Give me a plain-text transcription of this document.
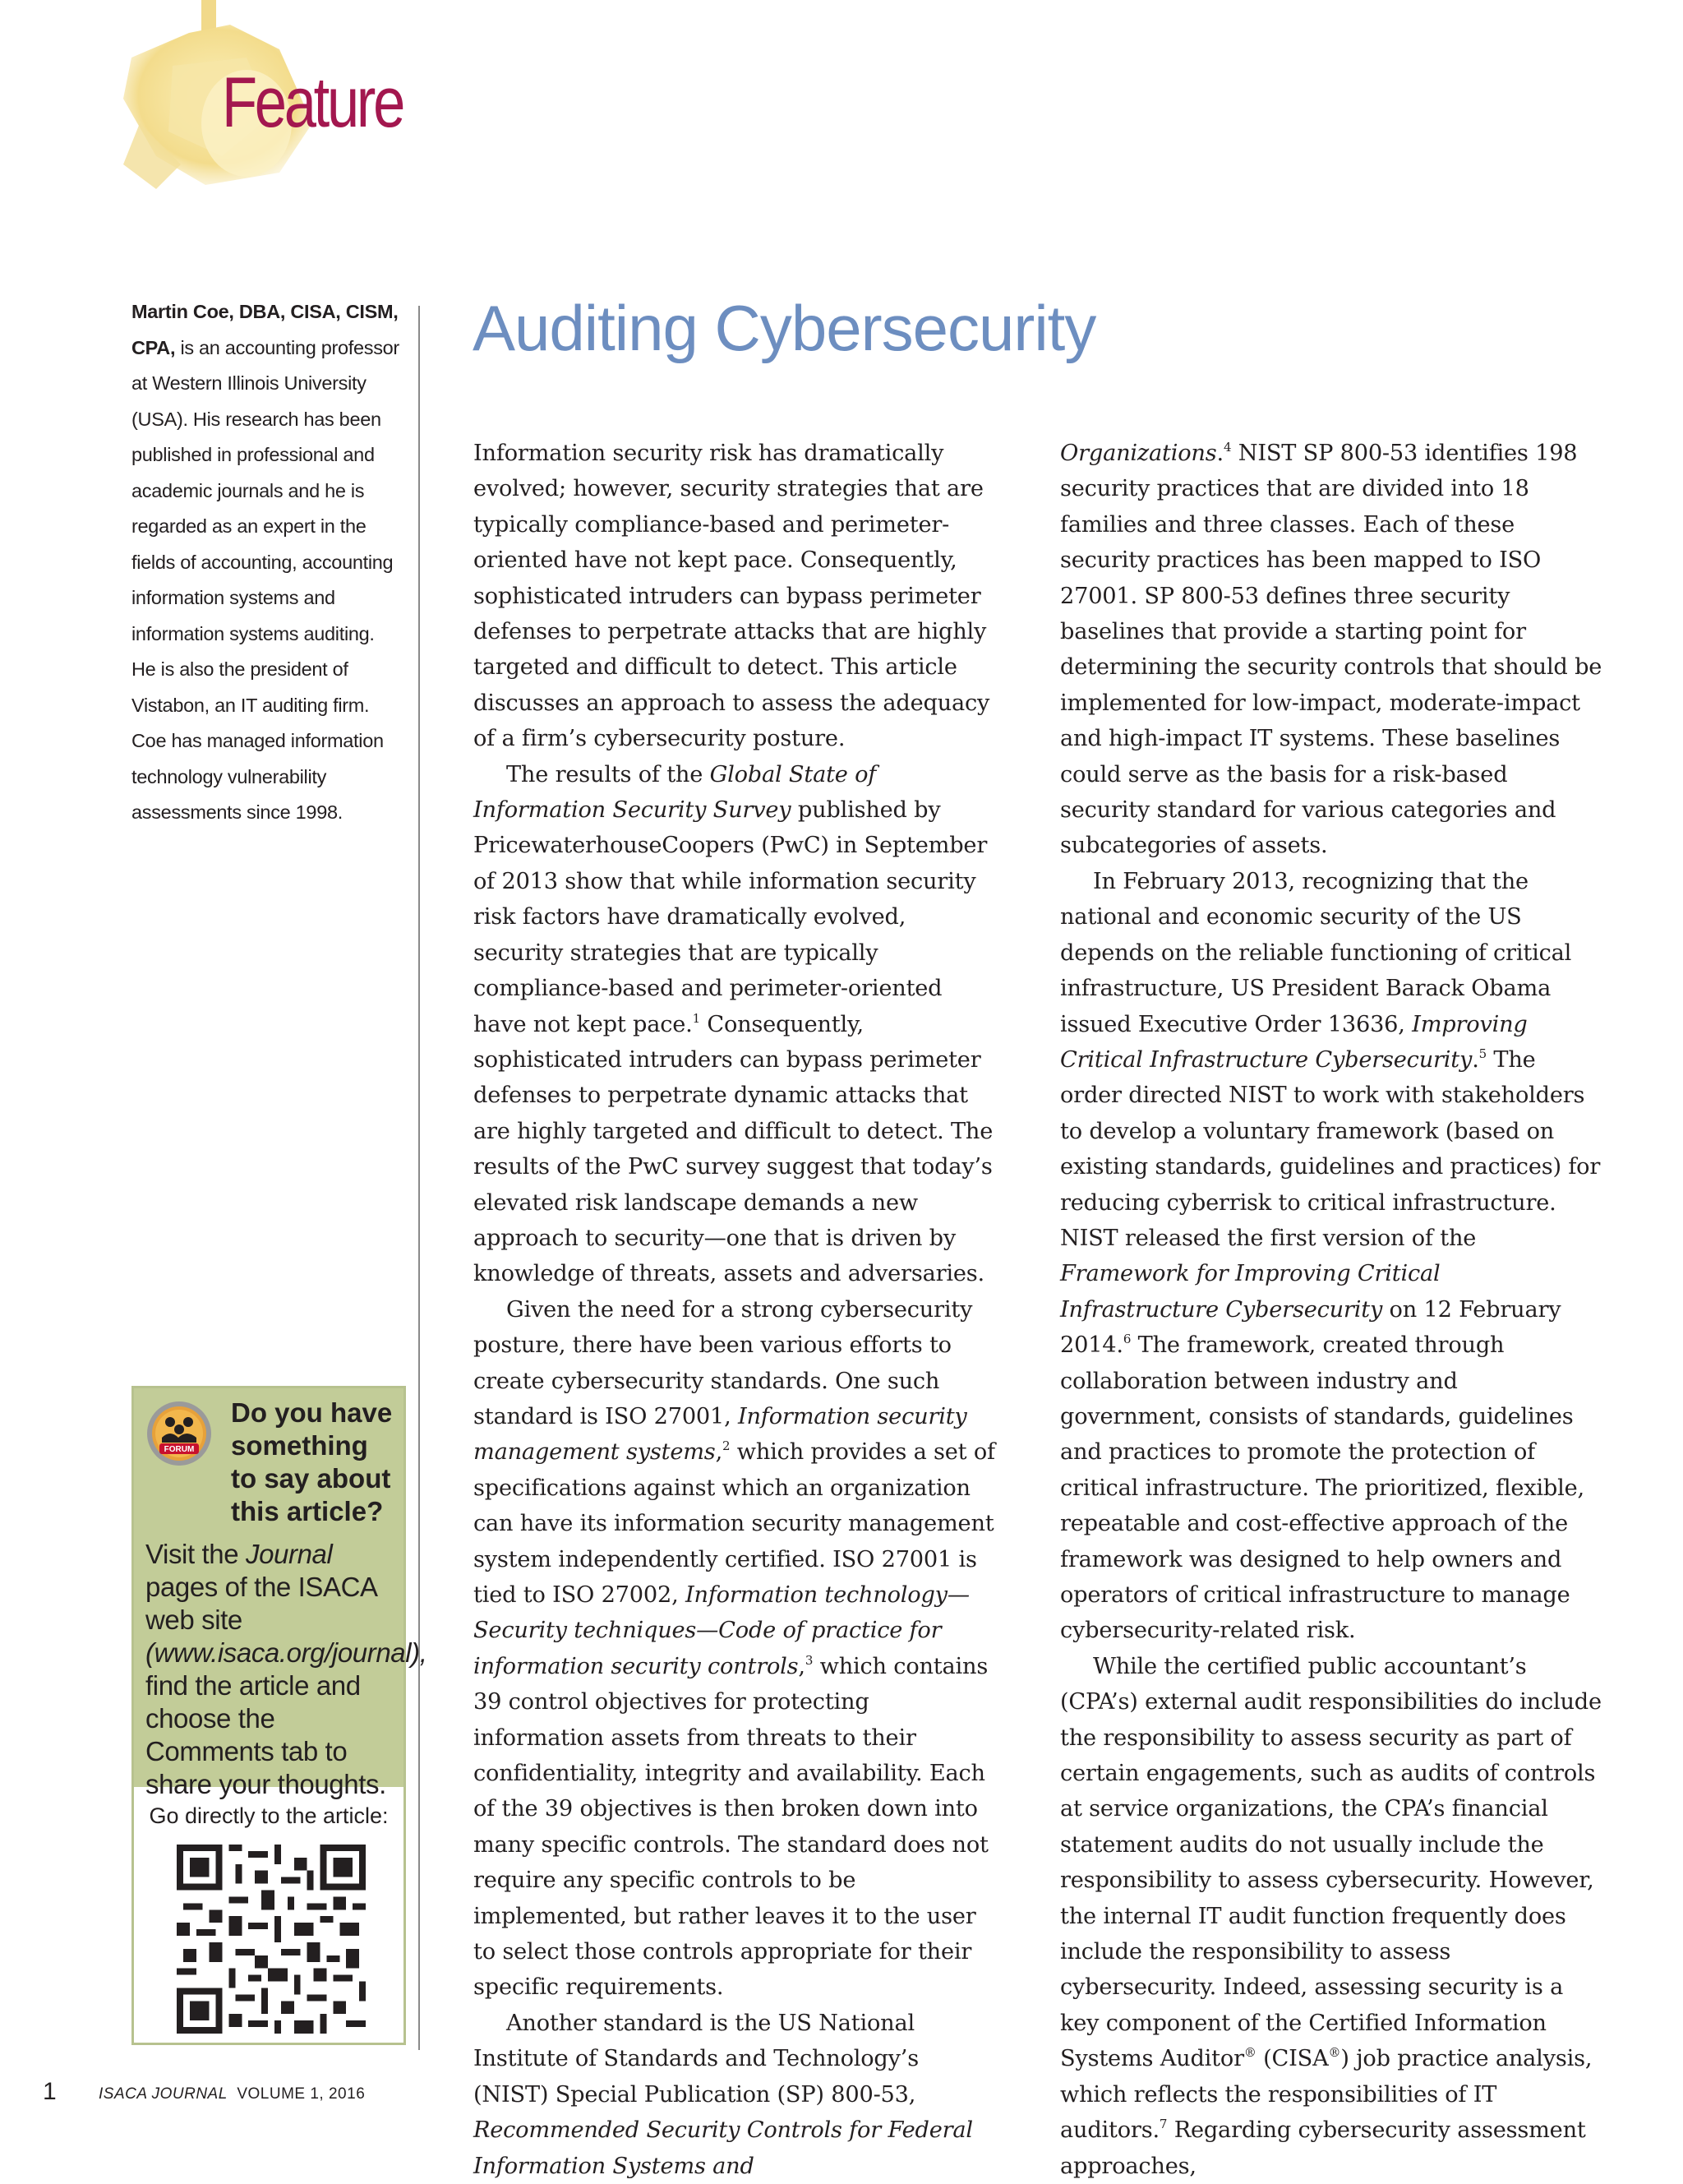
Feature
Martin Coe, DBA, CISA, CISM, CPA, is an accounting professor at Western Illinois University (USA). His research has been published in professional and academic journals and he is regarded as an expert in the fields of accounting, accounting information systems and information systems auditing. He is also the president of Vistabon, an IT auditing firm. Coe has managed information technology vulnerability assessments since 1998.
FORUM
Do you have something to say about this article?
Visit the Journal pages of the ISACA web site (www.isaca.org/journal), find the article and choose the Comments tab to share your thoughts.
Go directly to the article:
Auditing Cybersecurity

Information security risk has dramatically evolved; however, security strategies that are typically compliance-based and perimeter-oriented have not kept pace. Consequently, sophisticated intruders can bypass perimeter defenses to perpetrate attacks that are highly targeted and difficult to detect. This article discusses an approach to assess the adequacy of a firm’s cybersecurity posture.

The results of the Global State of Information Security Survey published by PricewaterhouseCoopers (PwC) in September of 2013 show that while information security risk factors have dramatically evolved, security strategies that are typically compliance-based and perimeter-oriented have not kept pace.$^1$ Consequently, sophisticated intruders can bypass perimeter defenses to perpetrate dynamic attacks that are highly targeted and difficult to detect. The results of the PwC survey suggest that today’s elevated risk landscape demands a new approach to security—one that is driven by knowledge of threats, assets and adversaries.

Given the need for a strong cybersecurity posture, there have been various efforts to create cybersecurity standards. One such standard is ISO 27001, Information security management systems,$^2$ which provides a set of specifications against which an organization can have its information security management system independently certified. ISO 27001 is tied to ISO 27002, Information technology—Security techniques—Code of practice for information security controls,$^3$ which contains 39 control objectives for protecting information assets from threats to their confidentiality, integrity and availability. Each of the 39 objectives is then broken down into many specific controls. The standard does not require any specific controls to be implemented, but rather leaves it to the user to select those controls appropriate for their specific requirements.

Another standard is the US National Institute of Standards and Technology’s (NIST) Special Publication (SP) 800-53, Recommended Security Controls for Federal Information Systems and

Organizations.$^4$ NIST SP 800-53 identifies 198 security practices that are divided into 18 families and three classes. Each of these security practices has been mapped to ISO 27001. SP 800-53 defines three security baselines that provide a starting point for determining the security controls that should be implemented for low-impact, moderate-impact and high-impact IT systems. These baselines could serve as the basis for a risk-based security standard for various categories and subcategories of assets.

In February 2013, recognizing that the national and economic security of the US depends on the reliable functioning of critical infrastructure, US President Barack Obama issued Executive Order 13636, Improving Critical Infrastructure Cybersecurity.$^5$ The order directed NIST to work with stakeholders to develop a voluntary framework (based on existing standards, guidelines and practices) for reducing cyberrisk to critical infrastructure. NIST released the first version of the Framework for Improving Critical Infrastructure Cybersecurity on 12 February 2014.$^6$ The framework, created through collaboration between industry and government, consists of standards, guidelines and practices to promote the protection of critical infrastructure. The prioritized, flexible, repeatable and cost-effective approach of the framework was designed to help owners and operators of critical infrastructure to manage cybersecurity-related risk.

While the certified public accountant’s (CPA’s) external audit responsibilities do include the responsibility to assess security as part of certain engagements, such as audits of controls at service organizations, the CPA’s financial statement audits do not usually include the responsibility to assess cybersecurity. However, the internal IT audit function frequently does include the responsibility to assess cybersecurity. Indeed, assessing security is a key component of the Certified Information Systems Auditor® (CISA®) job practice analysis, which reflects the responsibilities of IT auditors.$^7$ Regarding cybersecurity assessment approaches,

1	ISACA JOURNAL VOLUME 1, 2016
